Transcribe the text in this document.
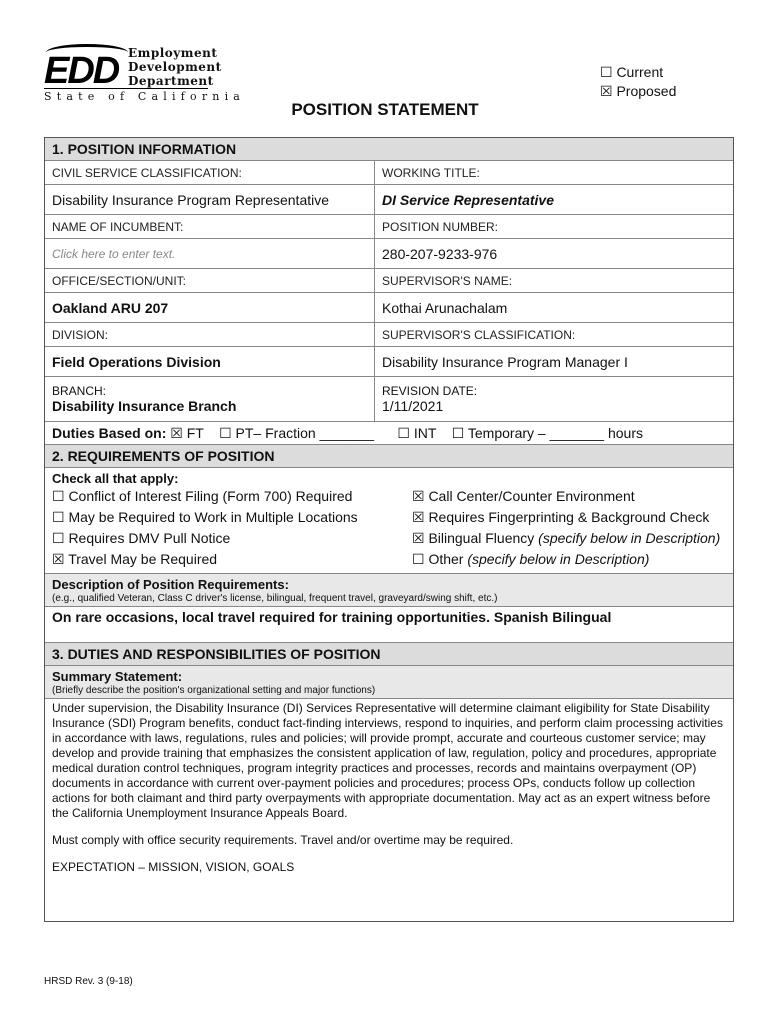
EDD Employment
Development
Department
State of California
☐ Current
☒ Proposed
POSITION STATEMENT
1. POSITION INFORMATION
CIVIL SERVICE CLASSIFICATION:	WORKING TITLE:
Disability Insurance Program Representative	DI Service Representative
NAME OF INCUMBENT:	POSITION NUMBER:
Click here to enter text.	280-207-9233-976
OFFICE/SECTION/UNIT:	SUPERVISOR'S NAME:
Oakland ARU 207	Kothai Arunachalam
DIVISION:	SUPERVISOR'S CLASSIFICATION:
Field Operations Division	Disability Insurance Program Manager I
BRANCH:
Disability Insurance Branch
REVISION DATE:
1/11/2021
Duties Based on: ☒ FT    ☐ PT– Fraction _______      ☐ INT    ☐ Temporary – _______ hours
2. REQUIREMENTS OF POSITION
Check all that apply:
☐ Conflict of Interest Filing (Form 700) Required
☐ May be Required to Work in Multiple Locations
☐ Requires DMV Pull Notice
☒ Travel May be Required
☒ Call Center/Counter Environment
☒ Requires Fingerprinting & Background Check
☒ Bilingual Fluency (specify below in Description)
☐ Other (specify below in Description)
Description of Position Requirements:
(e.g., qualified Veteran, Class C driver's license, bilingual, frequent travel, graveyard/swing shift, etc.)
On rare occasions, local travel required for training opportunities. Spanish Bilingual
3. DUTIES AND RESPONSIBILITIES OF POSITION
Summary Statement:
(Briefly describe the position's organizational setting and major functions)

Under supervision, the Disability Insurance (DI) Services Representative will determine claimant eligibility for State Disability Insurance (SDI) Program benefits, conduct fact-finding interviews, respond to inquiries, and perform claim processing activities in accordance with laws, regulations, rules and policies; will provide prompt, accurate and courteous customer service; may develop and provide training that emphasizes the consistent application of law, regulation, policy and procedures, appropriate medical duration control techniques, program integrity practices and processes, records and maintains overpayment (OP) documents in accordance with current over-payment policies and procedures; process OPs, conducts follow up collection actions for both claimant and third party overpayments with appropriate documentation. May act as an expert witness before the California Unemployment Insurance Appeals Board.

Must comply with office security requirements. Travel and/or overtime may be required.

EXPECTATION – MISSION, VISION, GOALS

HRSD Rev. 3 (9-18)
